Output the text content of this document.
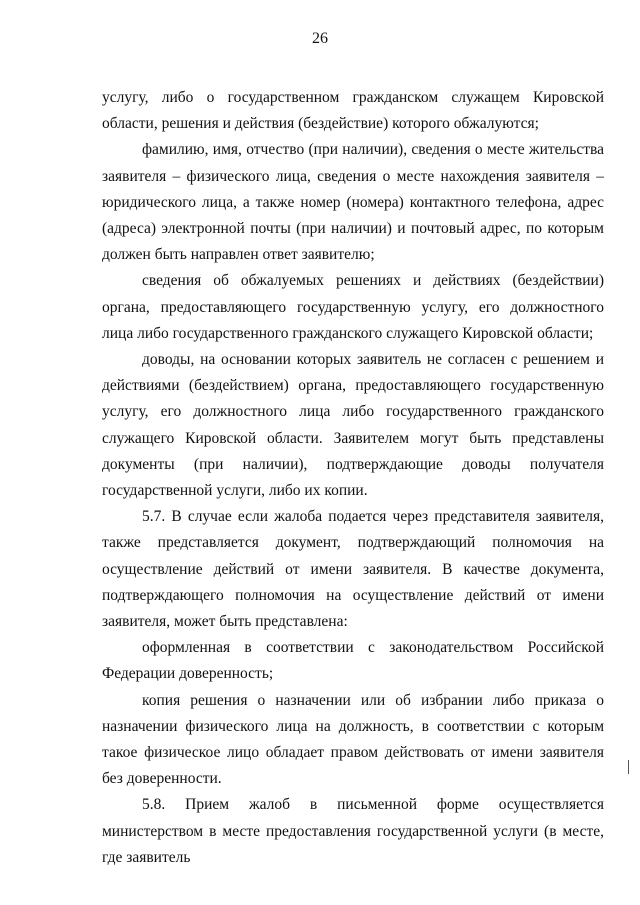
26

услугу, либо о государственном гражданском служащем Кировской области, решения и действия (бездействие) которого обжалуются;

фамилию, имя, отчество (при наличии), сведения о месте жительства заявителя – физического лица, сведения о месте нахождения заявителя – юридического лица, а также номер (номера) контактного телефона, адрес (адреса) электронной почты (при наличии) и почтовый адрес, по которым должен быть направлен ответ заявителю;

сведения об обжалуемых решениях и действиях (бездействии) органа, предоставляющего государственную услугу, его должностного лица либо государственного гражданского служащего Кировской области;

доводы, на основании которых заявитель не согласен с решением и действиями (бездействием) органа, предоставляющего государственную услугу, его должностного лица либо государственного гражданского служащего Кировской области. Заявителем могут быть представлены документы (при наличии), подтверждающие доводы получателя государственной услуги, либо их копии.

5.7. В случае если жалоба подается через представителя заявителя, также представляется документ, подтверждающий полномочия на осуществление действий от имени заявителя. В качестве документа, подтверждающего полномочия на осуществление действий от имени заявителя, может быть представлена:

оформленная в соответствии с законодательством Российской Федерации доверенность;

копия решения о назначении или об избрании либо приказа о назначении физического лица на должность, в соответствии с которым такое физическое лицо обладает правом действовать от имени заявителя без доверенности.

5.8. Прием жалоб в письменной форме осуществляется министерством в месте предоставления государственной услуги (в месте, где заявитель
